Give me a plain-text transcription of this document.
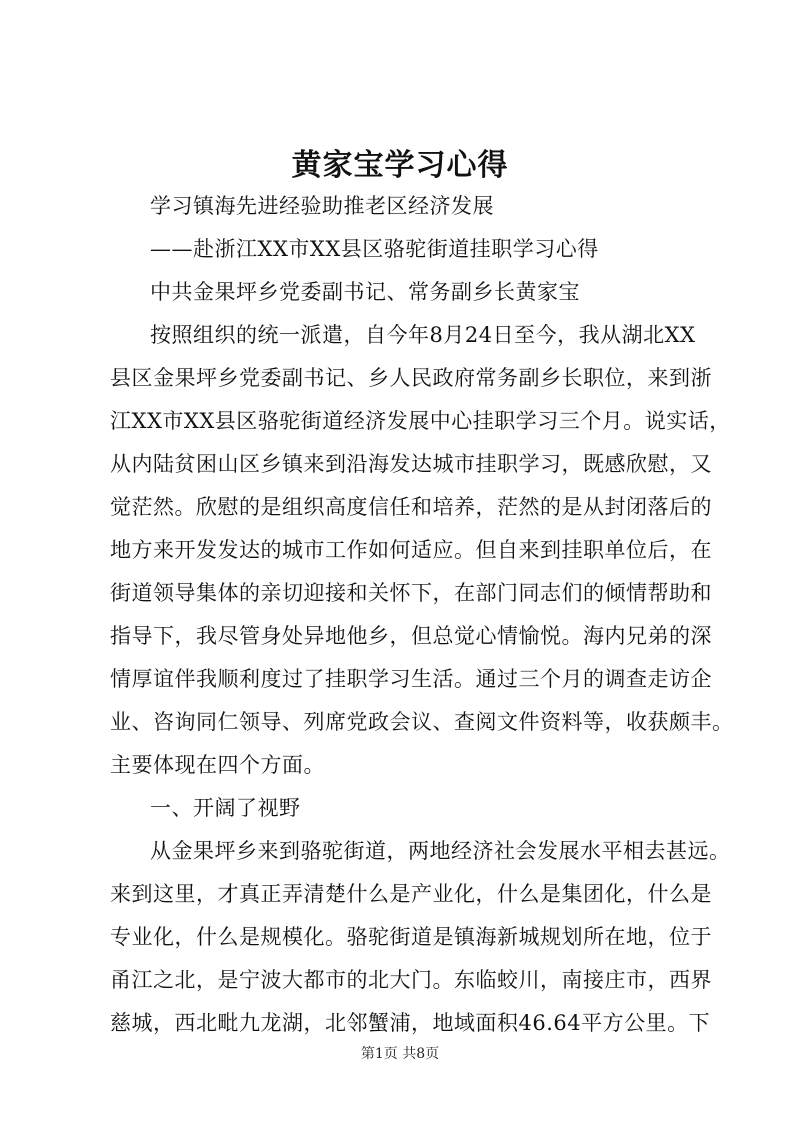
黄家宝学习心得
学习镇海先进经验助推老区经济发展
——赴浙江XX市XX县区骆驼街道挂职学习心得
中共金果坪乡党委副书记、常务副乡长黄家宝
按照组织的统一派遣，自今年8月24日至今，我从湖北XX
县区金果坪乡党委副书记、乡人民政府常务副乡长职位，来到浙
江XX市XX县区骆驼街道经济发展中心挂职学习三个月。说实话，
从内陆贫困山区乡镇来到沿海发达城市挂职学习，既感欣慰，又
觉茫然。欣慰的是组织高度信任和培养，茫然的是从封闭落后的
地方来开发发达的城市工作如何适应。但自来到挂职单位后，在
街道领导集体的亲切迎接和关怀下，在部门同志们的倾情帮助和
指导下，我尽管身处异地他乡，但总觉心情愉悦。海内兄弟的深
情厚谊伴我顺利度过了挂职学习生活。通过三个月的调查走访企
业、咨询同仁领导、列席党政会议、查阅文件资料等，收获颇丰。
主要体现在四个方面。
一、开阔了视野
从金果坪乡来到骆驼街道，两地经济社会发展水平相去甚远。
来到这里，才真正弄清楚什么是产业化，什么是集团化，什么是
专业化，什么是规模化。骆驼街道是镇海新城规划所在地，位于
甬江之北，是宁波大都市的北大门。东临蛟川，南接庄市，西界
慈城，西北毗九龙湖，北邻蟹浦，地域面积46.64平方公里。下
第1页 共8页
